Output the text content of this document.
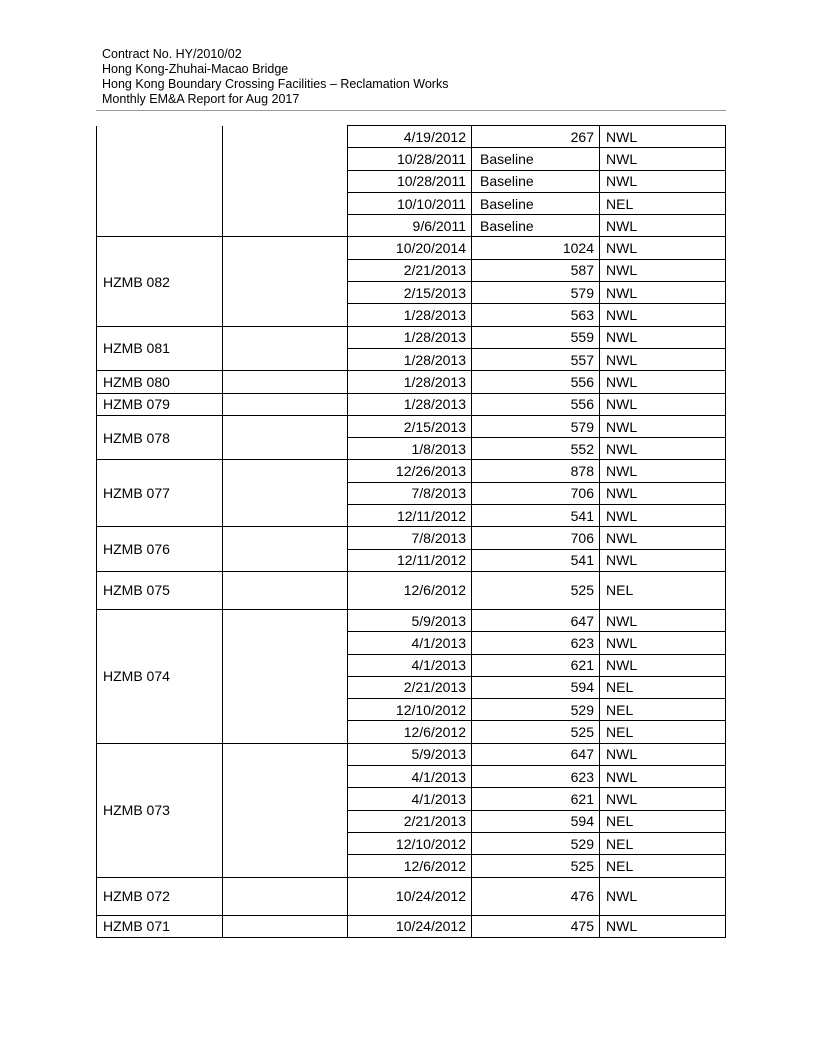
Contract No. HY/2010/02
Hong Kong-Zhuhai-Macao Bridge
Hong Kong Boundary Crossing Facilities – Reclamation Works
Monthly EM&A Report for Aug 2017
		4/19/2012	267	NWL
		10/28/2011	Baseline	NWL
		10/28/2011	Baseline	NWL
		10/10/2011	Baseline	NEL
		9/6/2011	Baseline	NWL
HZMB 082		10/20/2014	1024	NWL
		2/21/2013	587	NWL
		2/15/2013	579	NWL
		1/28/2013	563	NWL
HZMB 081		1/28/2013	559	NWL
		1/28/2013	557	NWL
HZMB 080		1/28/2013	556	NWL
HZMB 079		1/28/2013	556	NWL
HZMB 078		2/15/2013	579	NWL
		1/8/2013	552	NWL
HZMB 077		12/26/2013	878	NWL
		7/8/2013	706	NWL
		12/11/2012	541	NWL
HZMB 076		7/8/2013	706	NWL
		12/11/2012	541	NWL
HZMB 075		12/6/2012	525	NEL
HZMB 074		5/9/2013	647	NWL
		4/1/2013	623	NWL
		4/1/2013	621	NWL
		2/21/2013	594	NEL
		12/10/2012	529	NEL
		12/6/2012	525	NEL
HZMB 073		5/9/2013	647	NWL
		4/1/2013	623	NWL
		4/1/2013	621	NWL
		2/21/2013	594	NEL
		12/10/2012	529	NEL
		12/6/2012	525	NEL
HZMB 072		10/24/2012	476	NWL
HZMB 071		10/24/2012	475	NWL
